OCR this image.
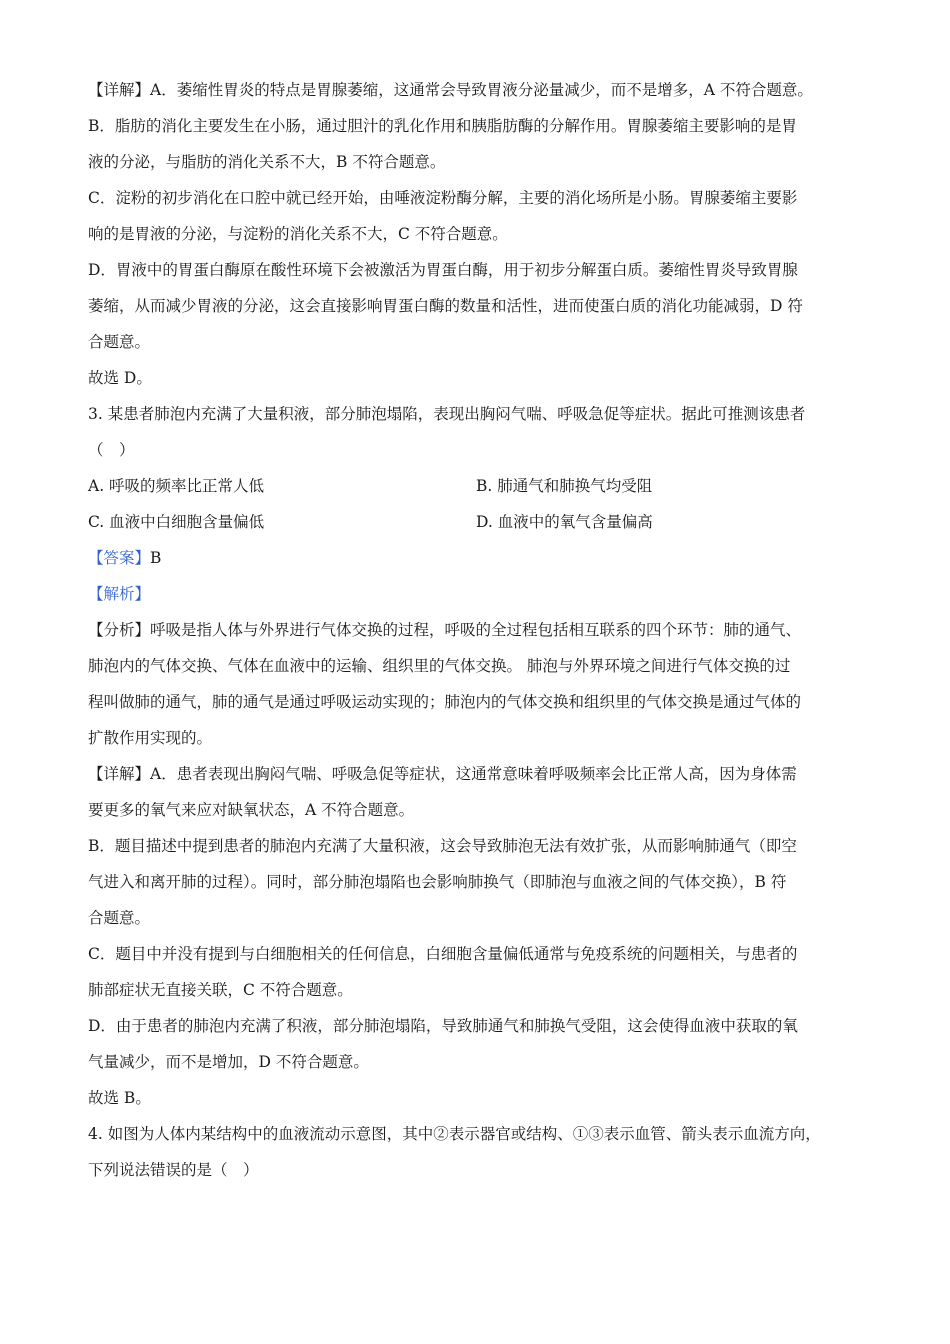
【详解】A．萎缩性胃炎的特点是胃腺萎缩，这通常会导致胃液分泌量减少，而不是增多，A 不符合题意。

B．脂肪的消化主要发生在小肠，通过胆汁的乳化作用和胰脂肪酶的分解作用。胃腺萎缩主要影响的是胃

液的分泌，与脂肪的消化关系不大，B 不符合题意。

C．淀粉的初步消化在口腔中就已经开始，由唾液淀粉酶分解，主要的消化场所是小肠。胃腺萎缩主要影

响的是胃液的分泌，与淀粉的消化关系不大，C 不符合题意。

D．胃液中的胃蛋白酶原在酸性环境下会被激活为胃蛋白酶，用于初步分解蛋白质。萎缩性胃炎导致胃腺

萎缩，从而减少胃液的分泌，这会直接影响胃蛋白酶的数量和活性，进而使蛋白质的消化功能减弱，D 符

合题意。

故选 D。

3. 某患者肺泡内充满了大量积液，部分肺泡塌陷，表现出胸闷气喘、呼吸急促等症状。据此可推测该患者

（　）

A. 呼吸的频率比正常人低	B. 肺通气和肺换气均受阻
C. 血液中白细胞含量偏低	D. 血液中的氧气含量偏高

【答案】B

【解析】

【分析】呼吸是指人体与外界进行气体交换的过程，呼吸的全过程包括相互联系的四个环节：肺的通气、

肺泡内的气体交换、气体在血液中的运输、组织里的气体交换。 肺泡与外界环境之间进行气体交换的过

程叫做肺的通气，肺的通气是通过呼吸运动实现的；肺泡内的气体交换和组织里的气体交换是通过气体的

扩散作用实现的。

【详解】A．患者表现出胸闷气喘、呼吸急促等症状，这通常意味着呼吸频率会比正常人高，因为身体需

要更多的氧气来应对缺氧状态，A 不符合题意。

B．题目描述中提到患者的肺泡内充满了大量积液，这会导致肺泡无法有效扩张，从而影响肺通气（即空

气进入和离开肺的过程）。同时，部分肺泡塌陷也会影响肺换气（即肺泡与血液之间的气体交换），B 符

合题意。

C．题目中并没有提到与白细胞相关的任何信息，白细胞含量偏低通常与免疫系统的问题相关，与患者的

肺部症状无直接关联，C 不符合题意。

D．由于患者的肺泡内充满了积液，部分肺泡塌陷，导致肺通气和肺换气受阻，这会使得血液中获取的氧

气量减少，而不是增加，D 不符合题意。

故选 B。

4. 如图为人体内某结构中的血液流动示意图，其中②表示器官或结构、①③表示血管、箭头表示血流方向，

下列说法错误的是（　）
